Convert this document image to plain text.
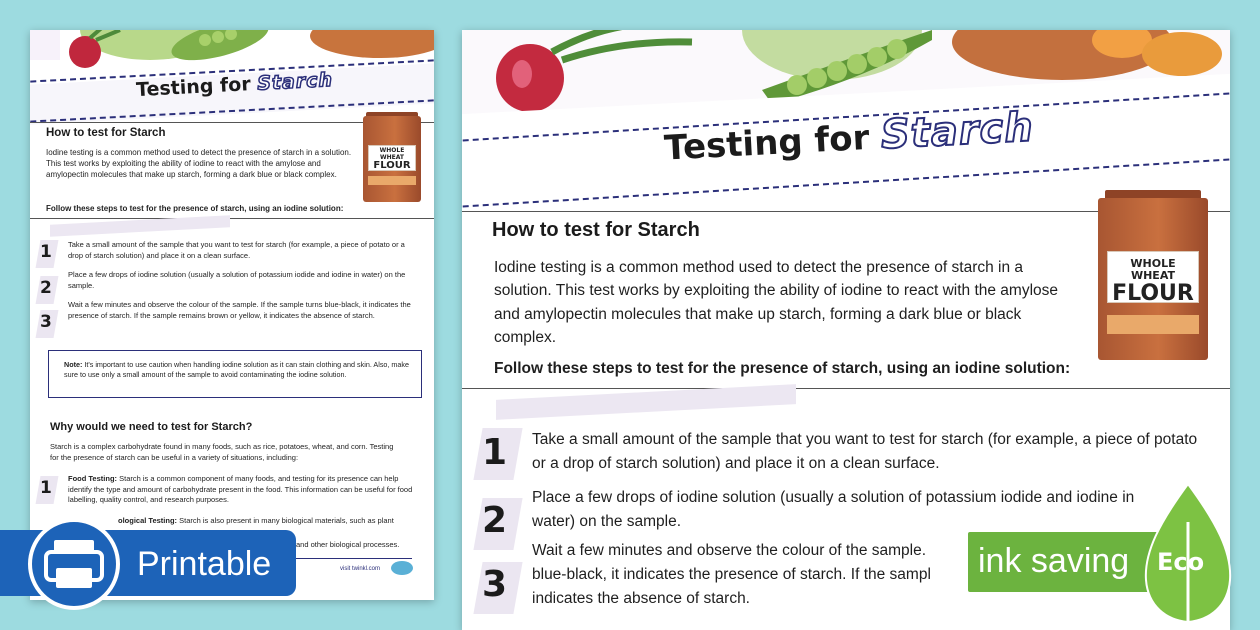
Testing for Starch
How to test for Starch
Iodine testing is a common method used to detect the presence of starch in a solution. This test works by exploiting the ability of iodine to react with the amylose and amylopectin molecules that make up starch, forming a dark blue or black complex.
Follow these steps to test for the presence of starch, using an iodine solution:
WHOLE WHEAT
FLOUR
1 Take a small amount of the sample that you want to test for starch (for example, a piece of potato or a drop of starch solution) and place it on a clean surface.
2
Place a few drops of iodine solution (usually a solution of potassium iodide and iodine in water) on the sample.
3
Wait a few minutes and observe the colour of the sample. If the sample turns blue-black, it indicates the presence of starch. If the sample remains brown or yellow, it indicates the absence of starch.
Note: It's important to use caution when handling iodine solution as it can stain clothing and skin. Also, make sure to use only a small amount of the sample to avoid contaminating the iodine solution.
Why would we need to test for Starch?
Starch is a complex carbohydrate found in many foods, such as rice, potatoes, wheat, and corn. Testing for the presence of starch can be useful in a variety of situations, including:
1 Food Testing: Starch is a common component of many foods, and testing for its presence can help identify the type and amount of carbohydrate present in the food. This information can be useful for food labelling, quality control, and research purposes.
ological Testing: Starch is also present in many biological materials, such as plant
and other biological processes.
visit twinkl.com
Testing for Starch
How to test for Starch
Iodine testing is a common method used to detect the presence of starch in a solution. This test works by exploiting the ability of iodine to react with the amylose and amylopectin molecules that make up starch, forming a dark blue or black complex.
Follow these steps to test for the presence of starch, using an iodine solution:
WHOLE WHEAT
FLOUR
1 Take a small amount of the sample that you want to test for starch (for example, a piece of potato or a drop of starch solution) and place it on a clean surface.
2
Place a few drops of iodine solution (usually a solution of potassium iodide and iodine in water) on the sample.
3
Wait a few minutes and observe the colour of the sample.
blue-black, it indicates the presence of starch. If the sampl
indicates the absence of starch.
Printable	ink saving Eco
